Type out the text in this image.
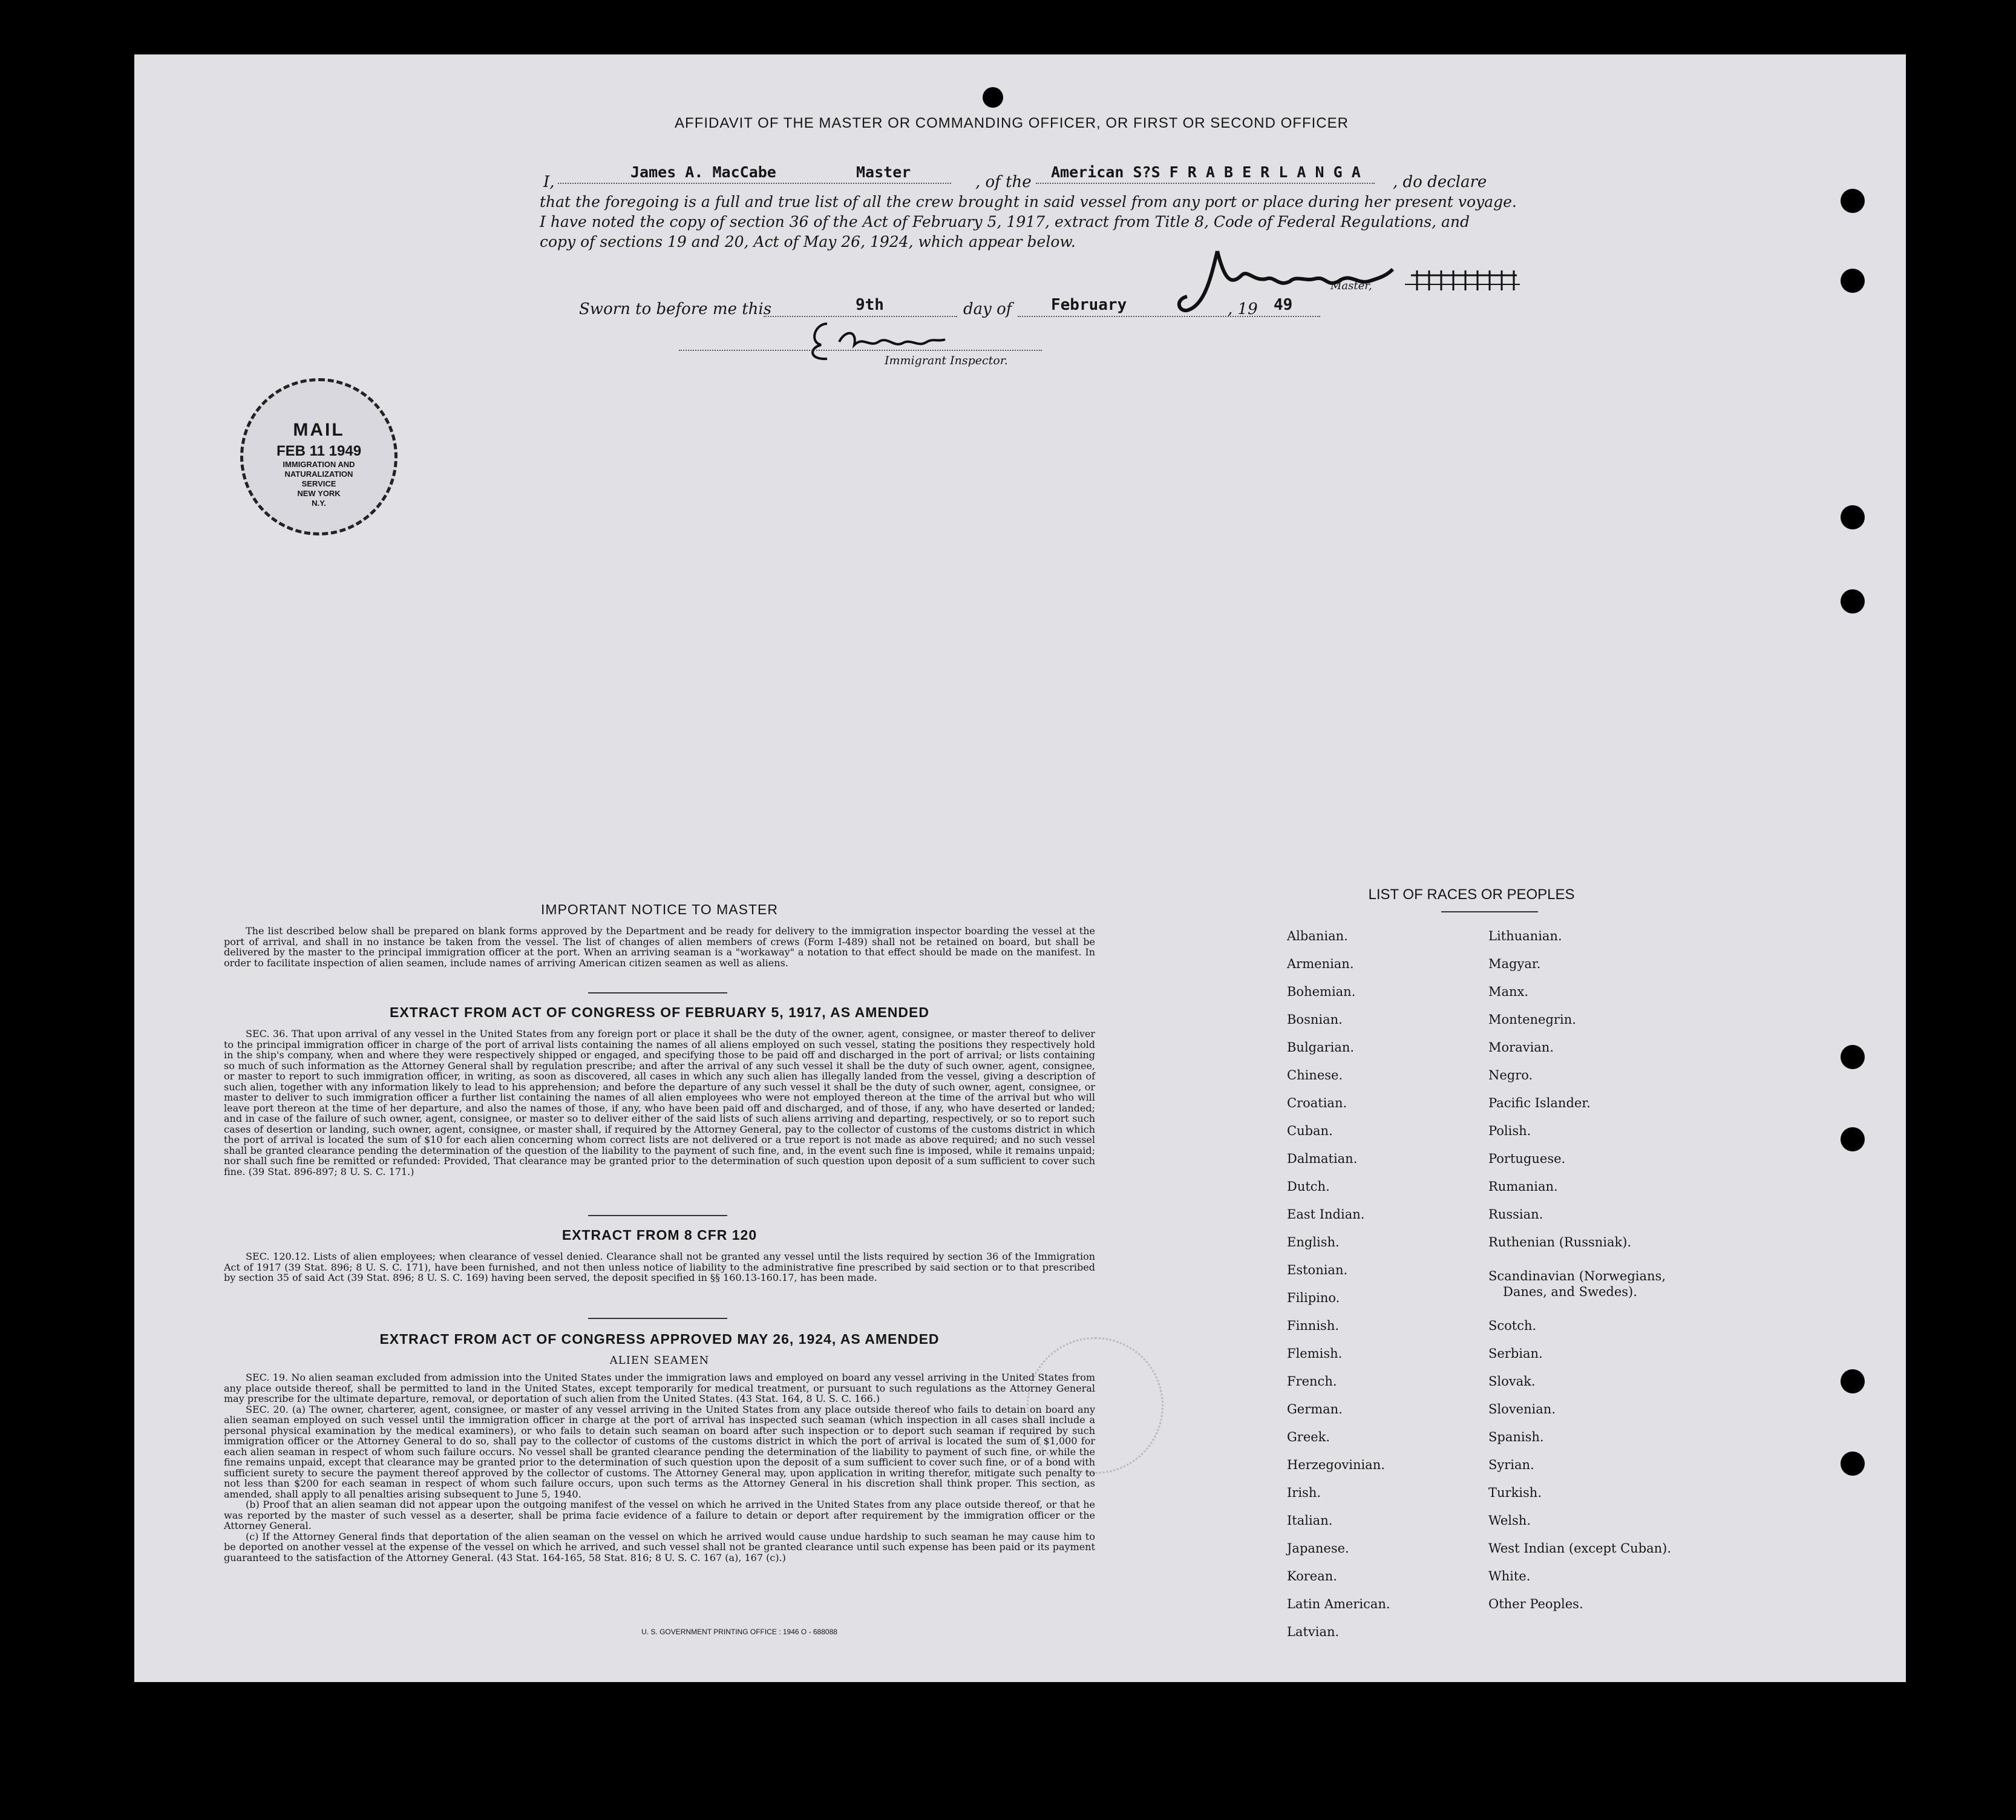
AFFIDAVIT OF THE MASTER OR COMMANDING OFFICER, OR FIRST OR SECOND OFFICER
I,
James A. MacCabe	Master
, of the
American S?S F R A B E R L A N G A
, do declare
that the foregoing is a full and true list of all the crew brought in said vessel from any port or place during her present voyage.
I have noted the copy of section 36 of the Act of February 5, 1917, extract from Title 8, Code of Federal Regulations, and
copy of sections 19 and 20, Act of May 26, 1924, which appear below.
Master,
Sworn to before me this	9th	day of February	, 19 49
Immigrant Inspector.
MAIL
FEB 11 1949
IMMIGRATION AND
NATURALIZATION
SERVICE
NEW YORK
N.Y.
IMPORTANT NOTICE TO MASTER
The list described below shall be prepared on blank forms approved by the Department and be ready for delivery to the immigration inspector boarding the vessel at the port of arrival, and shall in no instance be taken from the vessel. The list of changes of alien members of crews (Form I-489) shall not be retained on board, but shall be delivered by the master to the principal immigration officer at the port. When an arriving seaman is a "workaway" a notation to that effect should be made on the manifest. In order to facilitate inspection of alien seamen, include names of arriving American citizen seamen as well as aliens.
EXTRACT FROM ACT OF CONGRESS OF FEBRUARY 5, 1917, AS AMENDED
SEC. 36. That upon arrival of any vessel in the United States from any foreign port or place it shall be the duty of the owner, agent, consignee, or master thereof to deliver to the principal immigration officer in charge of the port of arrival lists containing the names of all aliens employed on such vessel, stating the positions they respectively hold in the ship's company, when and where they were respectively shipped or engaged, and specifying those to be paid off and discharged in the port of arrival; or lists containing so much of such information as the Attorney General shall by regulation prescribe; and after the arrival of any such vessel it shall be the duty of such owner, agent, consignee, or master to report to such immigration officer, in writing, as soon as discovered, all cases in which any such alien has illegally landed from the vessel, giving a description of such alien, together with any information likely to lead to his apprehension; and before the departure of any such vessel it shall be the duty of such owner, agent, consignee, or master to deliver to such immigration officer a further list containing the names of all alien employees who were not employed thereon at the time of the arrival but who will leave port thereon at the time of her departure, and also the names of those, if any, who have been paid off and discharged, and of those, if any, who have deserted or landed; and in case of the failure of such owner, agent, consignee, or master so to deliver either of the said lists of such aliens arriving and departing, respectively, or so to report such cases of desertion or landing, such owner, agent, consignee, or master shall, if required by the Attorney General, pay to the collector of customs of the customs district in which the port of arrival is located the sum of $10 for each alien concerning whom correct lists are not delivered or a true report is not made as above required; and no such vessel shall be granted clearance pending the determination of the question of the liability to the payment of such fine, and, in the event such fine is imposed, while it remains unpaid; nor shall such fine be remitted or refunded: Provided, That clearance may be granted prior to the determination of such question upon deposit of a sum sufficient to cover such fine. (39 Stat. 896-897; 8 U. S. C. 171.)
EXTRACT FROM 8 CFR 120
SEC. 120.12. Lists of alien employees; when clearance of vessel denied. Clearance shall not be granted any vessel until the lists required by section 36 of the Immigration Act of 1917 (39 Stat. 896; 8 U. S. C. 171), have been furnished, and not then unless notice of liability to the administrative fine prescribed by said section or to that prescribed by section 35 of said Act (39 Stat. 896; 8 U. S. C. 169) having been served, the deposit specified in §§ 160.13-160.17, has been made.
EXTRACT FROM ACT OF CONGRESS APPROVED MAY 26, 1924, AS AMENDED
ALIEN SEAMEN
SEC. 19. No alien seaman excluded from admission into the United States under the immigration laws and employed on board any vessel arriving in the United States from any place outside thereof, shall be permitted to land in the United States, except temporarily for medical treatment, or pursuant to such regulations as the Attorney General may prescribe for the ultimate departure, removal, or deportation of such alien from the United States. (43 Stat. 164, 8 U. S. C. 166.)
SEC. 20. (a) The owner, charterer, agent, consignee, or master of any vessel arriving in the United States from any place outside thereof who fails to detain on board any alien seaman employed on such vessel until the immigration officer in charge at the port of arrival has inspected such seaman (which inspection in all cases shall include a personal physical examination by the medical examiners), or who fails to detain such seaman on board after such inspection or to deport such seaman if required by such immigration officer or the Attorney General to do so, shall pay to the collector of customs of the customs district in which the port of arrival is located the sum of $1,000 for each alien seaman in respect of whom such failure occurs. No vessel shall be granted clearance pending the determination of the liability to payment of such fine, or while the fine remains unpaid, except that clearance may be granted prior to the determination of such question upon the deposit of a sum sufficient to cover such fine, or of a bond with sufficient surety to secure the payment thereof approved by the collector of customs. The Attorney General may, upon application in writing therefor, mitigate such penalty to not less than $200 for each seaman in respect of whom such failure occurs, upon such terms as the Attorney General in his discretion shall think proper. This section, as amended, shall apply to all penalties arising subsequent to June 5, 1940.
(b) Proof that an alien seaman did not appear upon the outgoing manifest of the vessel on which he arrived in the United States from any place outside thereof, or that he was reported by the master of such vessel as a deserter, shall be prima facie evidence of a failure to detain or deport after requirement by the immigration officer or the Attorney General.
(c) If the Attorney General finds that deportation of the alien seaman on the vessel on which he arrived would cause undue hardship to such seaman he may cause him to be deported on another vessel at the expense of the vessel on which he arrived, and such vessel shall not be granted clearance until such expense has been paid or its payment guaranteed to the satisfaction of the Attorney General. (43 Stat. 164-165, 58 Stat. 816; 8 U. S. C. 167 (a), 167 (c).)
U. S. GOVERNMENT PRINTING OFFICE : 1946 O - 688088
LIST OF RACES OR PEOPLES
Albanian.
Armenian.
Bohemian.
Bosnian.
Bulgarian.
Chinese.
Croatian.
Cuban.
Dalmatian.
Dutch.
East Indian.
English.
Estonian.
Filipino.
Finnish.
Flemish.
French.
German.
Greek.
Herzegovinian.
Irish.
Italian.
Japanese.
Korean.
Latin American.
Latvian.
Lithuanian.
Magyar.
Manx.
Montenegrin.
Moravian.
Negro.
Pacific Islander.
Polish.
Portuguese.
Rumanian.
Russian.
Ruthenian (Russniak).
Scandinavian (Norwegians,
Danes, and Swedes).
Scotch.
Serbian.
Slovak.
Slovenian.
Spanish.
Syrian.
Turkish.
Welsh.
West Indian (except Cuban).
White.
Other Peoples.
